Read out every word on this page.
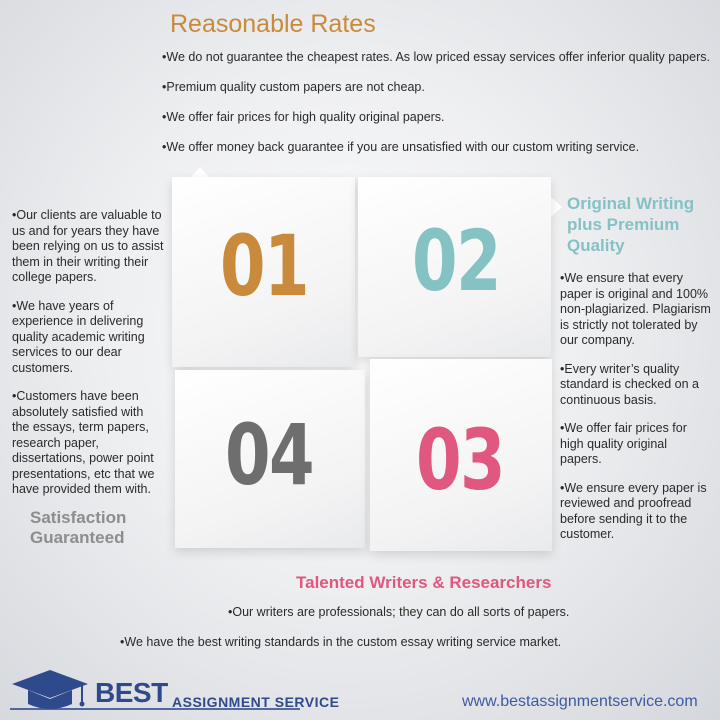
Reasonable Rates

•We do not guarantee the cheapest rates. As low priced essay services offer inferior quality papers.

•Premium quality custom papers are not cheap.

•We offer fair prices for high quality original papers.

•We offer money back guarantee if you are unsatisfied with our custom writing service.

•Our clients are valuable to us and for years they have been relying on us to assist them in their writing their college papers.

•We have years of experience in delivering quality academic writing services to our dear customers.

•Customers have been absolutely satisfied with the essays, term papers, research paper, dissertations, power point presentations, etc that we have provided them with.

Satisfaction Guaranteed
Original Writing plus Premium Quality

•We ensure that every paper is original and 100% non-plagiarized. Plagiarism is strictly not tolerated by our company.

•Every writer’s quality standard is checked on a continuous basis.

•We offer fair prices for high quality original papers.

•We ensure every paper is reviewed and proofread before sending it to the customer.

01 02
04 03
Talented Writers & Researchers

•Our writers are professionals; they can do all sorts of papers.

•We have the best writing standards in the custom essay writing service market.

BEST ASSIGNMENT SERVICE	www.bestassignmentservice.com
